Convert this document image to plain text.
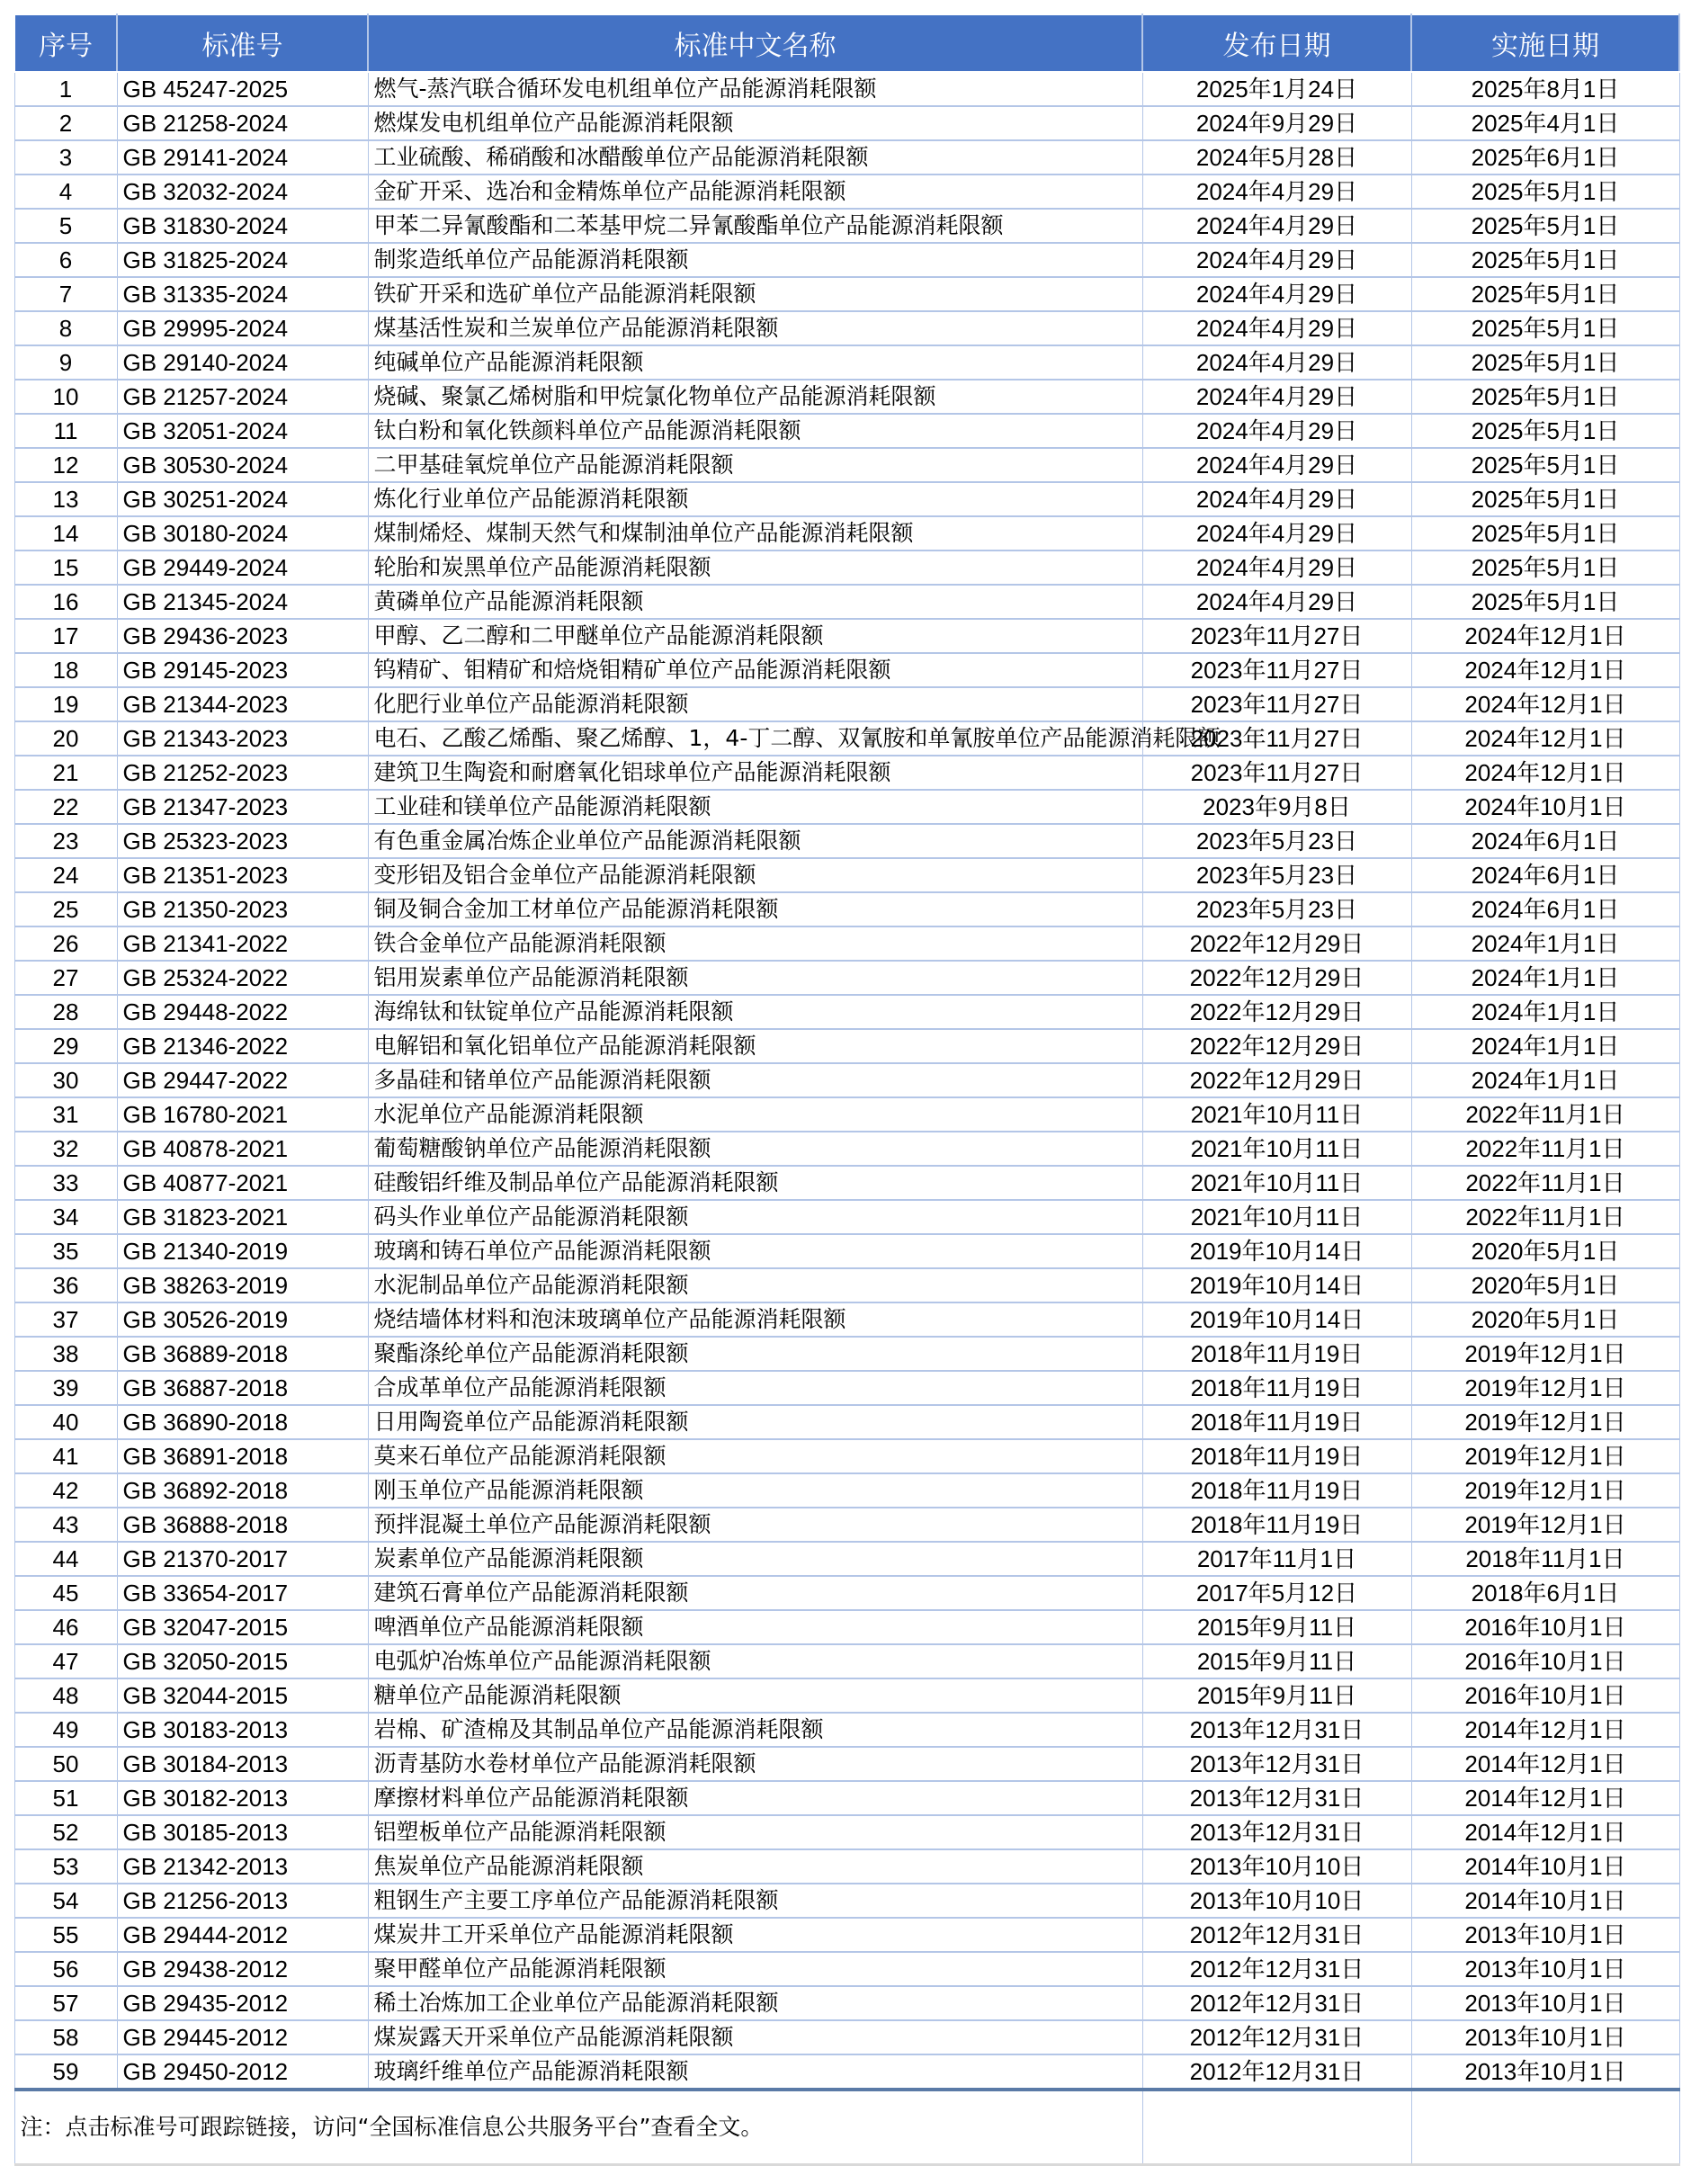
序号	标准号	标准中文名称	发布日期	实施日期
1	GB 45247-2025	燃气-蒸汽联合循环发电机组单位产品能源消耗限额	2025年1月24日	2025年8月1日
2	GB 21258-2024	燃煤发电机组单位产品能源消耗限额	2024年9月29日	2025年4月1日
3	GB 29141-2024	工业硫酸、稀硝酸和冰醋酸单位产品能源消耗限额	2024年5月28日	2025年6月1日
4	GB 32032-2024	金矿开采、选冶和金精炼单位产品能源消耗限额	2024年4月29日	2025年5月1日
5	GB 31830-2024	甲苯二异氰酸酯和二苯基甲烷二异氰酸酯单位产品能源消耗限额	2024年4月29日	2025年5月1日
6	GB 31825-2024	制浆造纸单位产品能源消耗限额	2024年4月29日	2025年5月1日
7	GB 31335-2024	铁矿开采和选矿单位产品能源消耗限额	2024年4月29日	2025年5月1日
8	GB 29995-2024	煤基活性炭和兰炭单位产品能源消耗限额	2024年4月29日	2025年5月1日
9	GB 29140-2024	纯碱单位产品能源消耗限额	2024年4月29日	2025年5月1日
10	GB 21257-2024	烧碱、聚氯乙烯树脂和甲烷氯化物单位产品能源消耗限额	2024年4月29日	2025年5月1日
11	GB 32051-2024	钛白粉和氧化铁颜料单位产品能源消耗限额	2024年4月29日	2025年5月1日
12	GB 30530-2024	二甲基硅氧烷单位产品能源消耗限额	2024年4月29日	2025年5月1日
13	GB 30251-2024	炼化行业单位产品能源消耗限额	2024年4月29日	2025年5月1日
14	GB 30180-2024	煤制烯烃、煤制天然气和煤制油单位产品能源消耗限额	2024年4月29日	2025年5月1日
15	GB 29449-2024	轮胎和炭黑单位产品能源消耗限额	2024年4月29日	2025年5月1日
16	GB 21345-2024	黄磷单位产品能源消耗限额	2024年4月29日	2025年5月1日
17	GB 29436-2023	甲醇、乙二醇和二甲醚单位产品能源消耗限额	2023年11月27日	2024年12月1日
18	GB 29145-2023	钨精矿、钼精矿和焙烧钼精矿单位产品能源消耗限额	2023年11月27日	2024年12月1日
19	GB 21344-2023	化肥行业单位产品能源消耗限额	2023年11月27日	2024年12月1日
20	GB 21343-2023	电石、乙酸乙烯酯、聚乙烯醇、1，4-丁二醇、双氰胺和单氰胺单位产品能源消耗限额	2023年11月27日	2024年12月1日
21	GB 21252-2023	建筑卫生陶瓷和耐磨氧化铝球单位产品能源消耗限额	2023年11月27日	2024年12月1日
22	GB 21347-2023	工业硅和镁单位产品能源消耗限额	2023年9月8日	2024年10月1日
23	GB 25323-2023	有色重金属冶炼企业单位产品能源消耗限额	2023年5月23日	2024年6月1日
24	GB 21351-2023	变形铝及铝合金单位产品能源消耗限额	2023年5月23日	2024年6月1日
25	GB 21350-2023	铜及铜合金加工材单位产品能源消耗限额	2023年5月23日	2024年6月1日
26	GB 21341-2022	铁合金单位产品能源消耗限额	2022年12月29日	2024年1月1日
27	GB 25324-2022	铝用炭素单位产品能源消耗限额	2022年12月29日	2024年1月1日
28	GB 29448-2022	海绵钛和钛锭单位产品能源消耗限额	2022年12月29日	2024年1月1日
29	GB 21346-2022	电解铝和氧化铝单位产品能源消耗限额	2022年12月29日	2024年1月1日
30	GB 29447-2022	多晶硅和锗单位产品能源消耗限额	2022年12月29日	2024年1月1日
31	GB 16780-2021	水泥单位产品能源消耗限额	2021年10月11日	2022年11月1日
32	GB 40878-2021	葡萄糖酸钠单位产品能源消耗限额	2021年10月11日	2022年11月1日
33	GB 40877-2021	硅酸铝纤维及制品单位产品能源消耗限额	2021年10月11日	2022年11月1日
34	GB 31823-2021	码头作业单位产品能源消耗限额	2021年10月11日	2022年11月1日
35	GB 21340-2019	玻璃和铸石单位产品能源消耗限额	2019年10月14日	2020年5月1日
36	GB 38263-2019	水泥制品单位产品能源消耗限额	2019年10月14日	2020年5月1日
37	GB 30526-2019	烧结墙体材料和泡沫玻璃单位产品能源消耗限额	2019年10月14日	2020年5月1日
38	GB 36889-2018	聚酯涤纶单位产品能源消耗限额	2018年11月19日	2019年12月1日
39	GB 36887-2018	合成革单位产品能源消耗限额	2018年11月19日	2019年12月1日
40	GB 36890-2018	日用陶瓷单位产品能源消耗限额	2018年11月19日	2019年12月1日
41	GB 36891-2018	莫来石单位产品能源消耗限额	2018年11月19日	2019年12月1日
42	GB 36892-2018	刚玉单位产品能源消耗限额	2018年11月19日	2019年12月1日
43	GB 36888-2018	预拌混凝土单位产品能源消耗限额	2018年11月19日	2019年12月1日
44	GB 21370-2017	炭素单位产品能源消耗限额	2017年11月1日	2018年11月1日
45	GB 33654-2017	建筑石膏单位产品能源消耗限额	2017年5月12日	2018年6月1日
46	GB 32047-2015	啤酒单位产品能源消耗限额	2015年9月11日	2016年10月1日
47	GB 32050-2015	电弧炉冶炼单位产品能源消耗限额	2015年9月11日	2016年10月1日
48	GB 32044-2015	糖单位产品能源消耗限额	2015年9月11日	2016年10月1日
49	GB 30183-2013	岩棉、矿渣棉及其制品单位产品能源消耗限额	2013年12月31日	2014年12月1日
50	GB 30184-2013	沥青基防水卷材单位产品能源消耗限额	2013年12月31日	2014年12月1日
51	GB 30182-2013	摩擦材料单位产品能源消耗限额	2013年12月31日	2014年12月1日
52	GB 30185-2013	铝塑板单位产品能源消耗限额	2013年12月31日	2014年12月1日
53	GB 21342-2013	焦炭单位产品能源消耗限额	2013年10月10日	2014年10月1日
54	GB 21256-2013	粗钢生产主要工序单位产品能源消耗限额	2013年10月10日	2014年10月1日
55	GB 29444-2012	煤炭井工开采单位产品能源消耗限额	2012年12月31日	2013年10月1日
56	GB 29438-2012	聚甲醛单位产品能源消耗限额	2012年12月31日	2013年10月1日
57	GB 29435-2012	稀土冶炼加工企业单位产品能源消耗限额	2012年12月31日	2013年10月1日
58	GB 29445-2012	煤炭露天开采单位产品能源消耗限额	2012年12月31日	2013年10月1日
59	GB 29450-2012	玻璃纤维单位产品能源消耗限额	2012年12月31日	2013年10月1日
注：点击标准号可跟踪链接，访问“全国标准信息公共服务平台”查看全文。				
